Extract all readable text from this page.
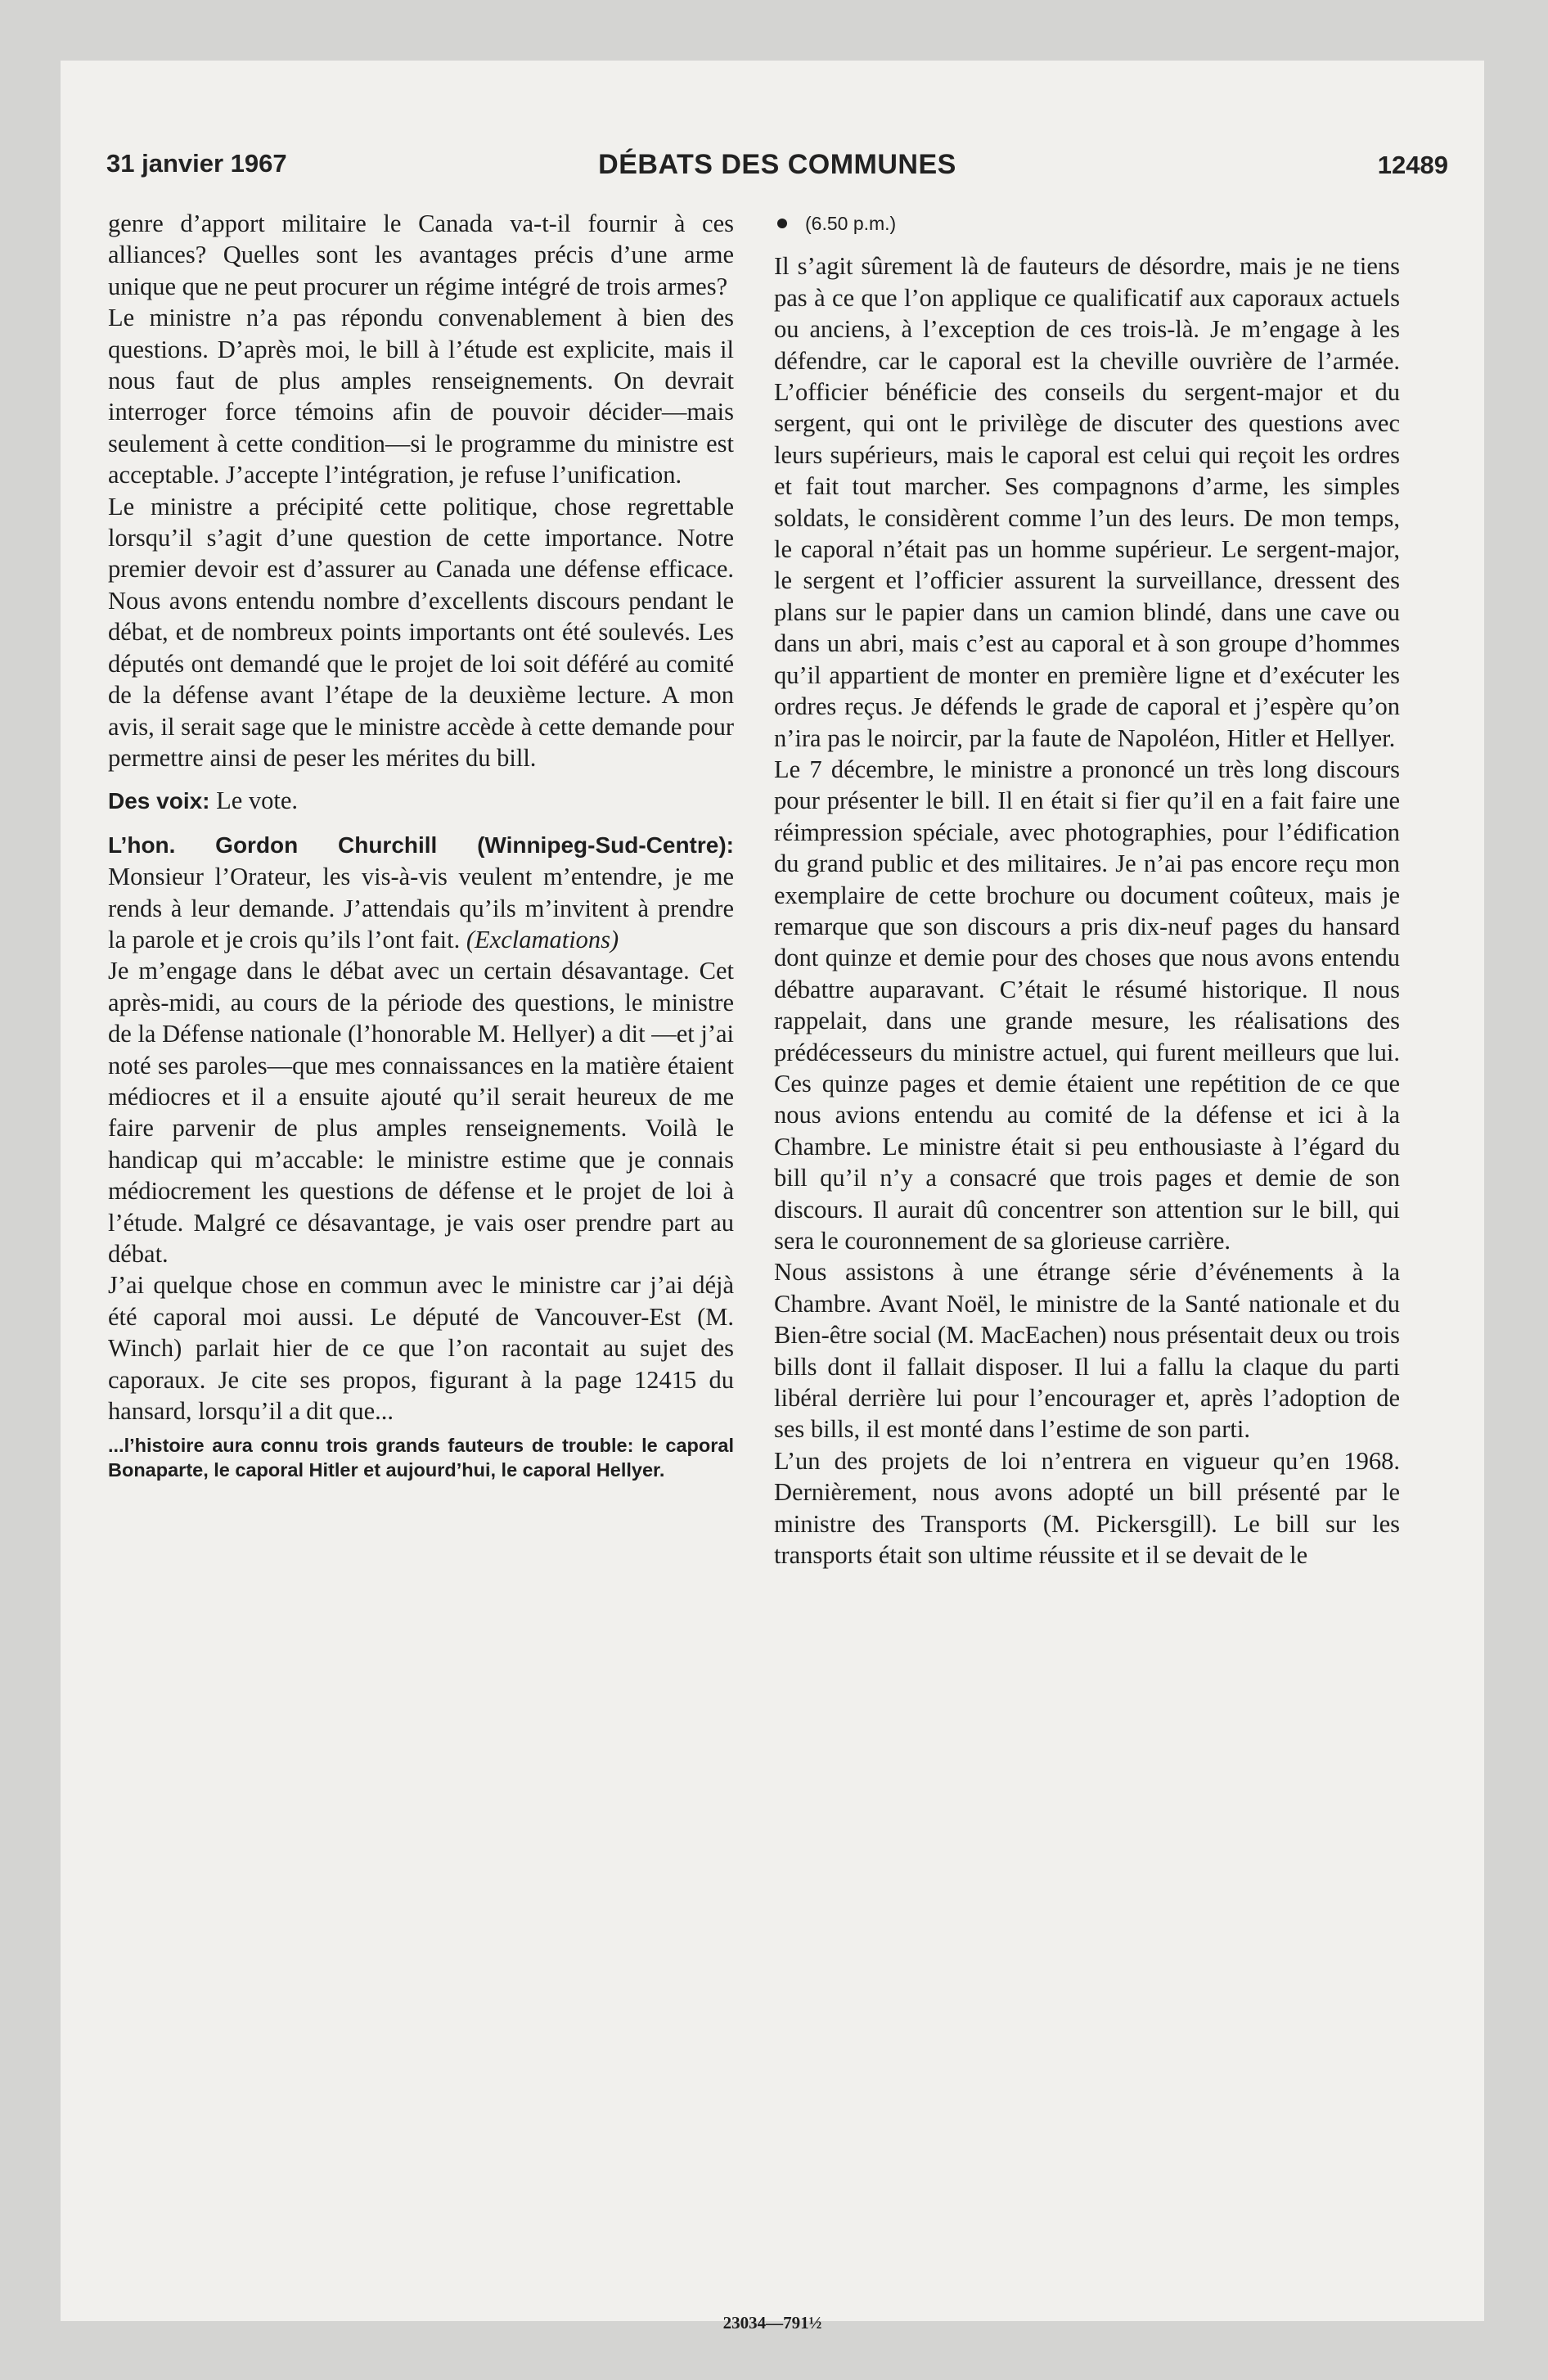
31 janvier 1967	DÉBATS DES COMMUNES	12489

genre d’apport militaire le Canada va-t-il fournir à ces alliances? Quelles sont les avantages précis d’une arme unique que ne peut procurer un régime intégré de trois armes?

Le ministre n’a pas répondu convenablement à bien des questions. D’après moi, le bill à l’étude est explicite, mais il nous faut de plus amples renseignements. On devrait interroger force témoins afin de pouvoir décider—mais seulement à cette condition—si le programme du ministre est acceptable. J’accepte l’intégration, je refuse l’unification.

Le ministre a précipité cette politique, chose regrettable lorsqu’il s’agit d’une question de cette importance. Notre premier devoir est d’assurer au Canada une défense efficace. Nous avons entendu nombre d’excellents discours pendant le débat, et de nombreux points importants ont été soulevés. Les députés ont demandé que le projet de loi soit déféré au comité de la défense avant l’étape de la deuxième lecture. A mon avis, il serait sage que le ministre accède à cette demande pour permettre ainsi de peser les mérites du bill.

Des voix: Le vote.

L’hon. Gordon Churchill (Winnipeg-Sud-Centre): Monsieur l’Orateur, les vis-à-vis veulent m’entendre, je me rends à leur demande. J’attendais qu’ils m’invitent à prendre la parole et je crois qu’ils l’ont fait. (Exclamations)

Je m’engage dans le débat avec un certain désavantage. Cet après-midi, au cours de la période des questions, le ministre de la Défense nationale (l’honorable M. Hellyer) a dit —et j’ai noté ses paroles—que mes connaissances en la matière étaient médiocres et il a ensuite ajouté qu’il serait heureux de me faire parvenir de plus amples renseignements. Voilà le handicap qui m’accable: le ministre estime que je connais médiocrement les questions de défense et le projet de loi à l’étude. Malgré ce désavantage, je vais oser prendre part au débat.

J’ai quelque chose en commun avec le ministre car j’ai déjà été caporal moi aussi. Le député de Vancouver-Est (M. Winch) parlait hier de ce que l’on racontait au sujet des caporaux. Je cite ses propos, figurant à la page 12415 du hansard, lorsqu’il a dit que...

...l’histoire aura connu trois grands fauteurs de trouble: le caporal Bonaparte, le caporal Hitler et aujourd’hui, le caporal Hellyer.

(6.50 p.m.)

Il s’agit sûrement là de fauteurs de désordre, mais je ne tiens pas à ce que l’on applique ce qualificatif aux caporaux actuels ou anciens, à l’exception de ces trois-là. Je m’engage à les défendre, car le caporal est la cheville ouvrière de l’armée. L’officier bénéficie des conseils du sergent-major et du sergent, qui ont le privilège de discuter des questions avec leurs supérieurs, mais le caporal est celui qui reçoit les ordres et fait tout marcher. Ses compagnons d’arme, les simples soldats, le considèrent comme l’un des leurs. De mon temps, le caporal n’était pas un homme supérieur. Le sergent-major, le sergent et l’officier assurent la surveillance, dressent des plans sur le papier dans un camion blindé, dans une cave ou dans un abri, mais c’est au caporal et à son groupe d’hommes qu’il appartient de monter en première ligne et d’exécuter les ordres reçus. Je défends le grade de caporal et j’espère qu’on n’ira pas le noircir, par la faute de Napoléon, Hitler et Hellyer.

Le 7 décembre, le ministre a prononcé un très long discours pour présenter le bill. Il en était si fier qu’il en a fait faire une réimpression spéciale, avec photographies, pour l’édification du grand public et des militaires. Je n’ai pas encore reçu mon exemplaire de cette brochure ou document coûteux, mais je remarque que son discours a pris dix-neuf pages du hansard dont quinze et demie pour des choses que nous avons entendu débattre auparavant. C’était le résumé historique. Il nous rappelait, dans une grande mesure, les réalisations des prédécesseurs du ministre actuel, qui furent meilleurs que lui. Ces quinze pages et demie étaient une repétition de ce que nous avions entendu au comité de la défense et ici à la Chambre. Le ministre était si peu enthousiaste à l’égard du bill qu’il n’y a consacré que trois pages et demie de son discours. Il aurait dû concentrer son attention sur le bill, qui sera le couronnement de sa glorieuse carrière.

Nous assistons à une étrange série d’événements à la Chambre. Avant Noël, le ministre de la Santé nationale et du Bien-être social (M. MacEachen) nous présentait deux ou trois bills dont il fallait disposer. Il lui a fallu la claque du parti libéral derrière lui pour l’encourager et, après l’adoption de ses bills, il est monté dans l’estime de son parti.

L’un des projets de loi n’entrera en vigueur qu’en 1968. Dernièrement, nous avons adopté un bill présenté par le ministre des Transports (M. Pickersgill). Le bill sur les transports était son ultime réussite et il se devait de le

23034—791½
